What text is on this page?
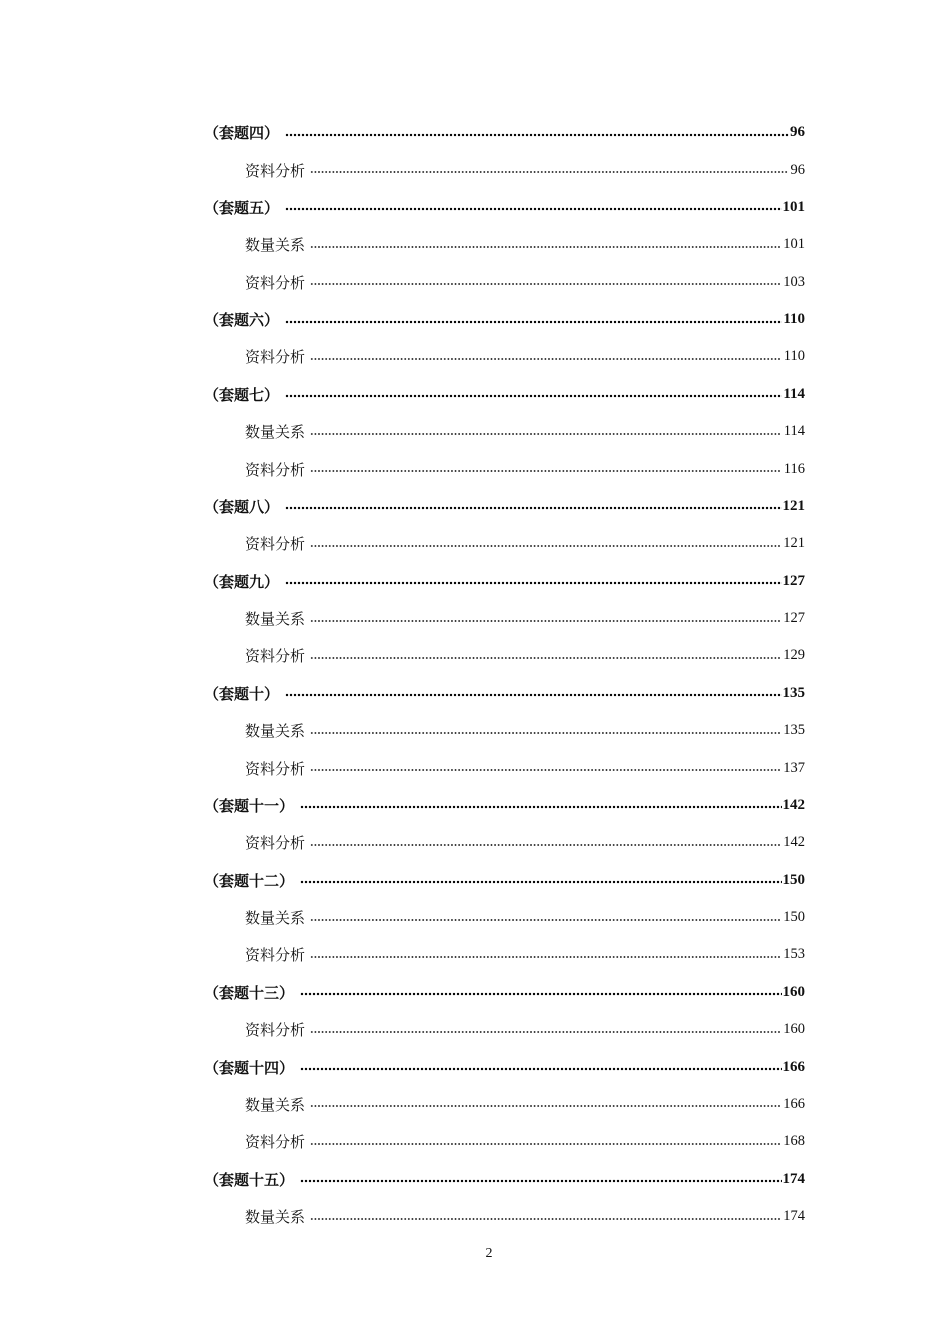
（套题四）	96
资料分析	96
（套题五）	101
数量关系	101
资料分析	103
（套题六）	110
资料分析	110
（套题七）	114
数量关系	114
资料分析	116
（套题八）	121
资料分析	121
（套题九）	127
数量关系	127
资料分析	129
（套题十）	135
数量关系	135
资料分析	137
（套题十一）	142
资料分析	142
（套题十二）	150
数量关系	150
资料分析	153
（套题十三）	160
资料分析	160
（套题十四）	166
数量关系	166
资料分析	168
（套题十五）	174
数量关系	174
2
